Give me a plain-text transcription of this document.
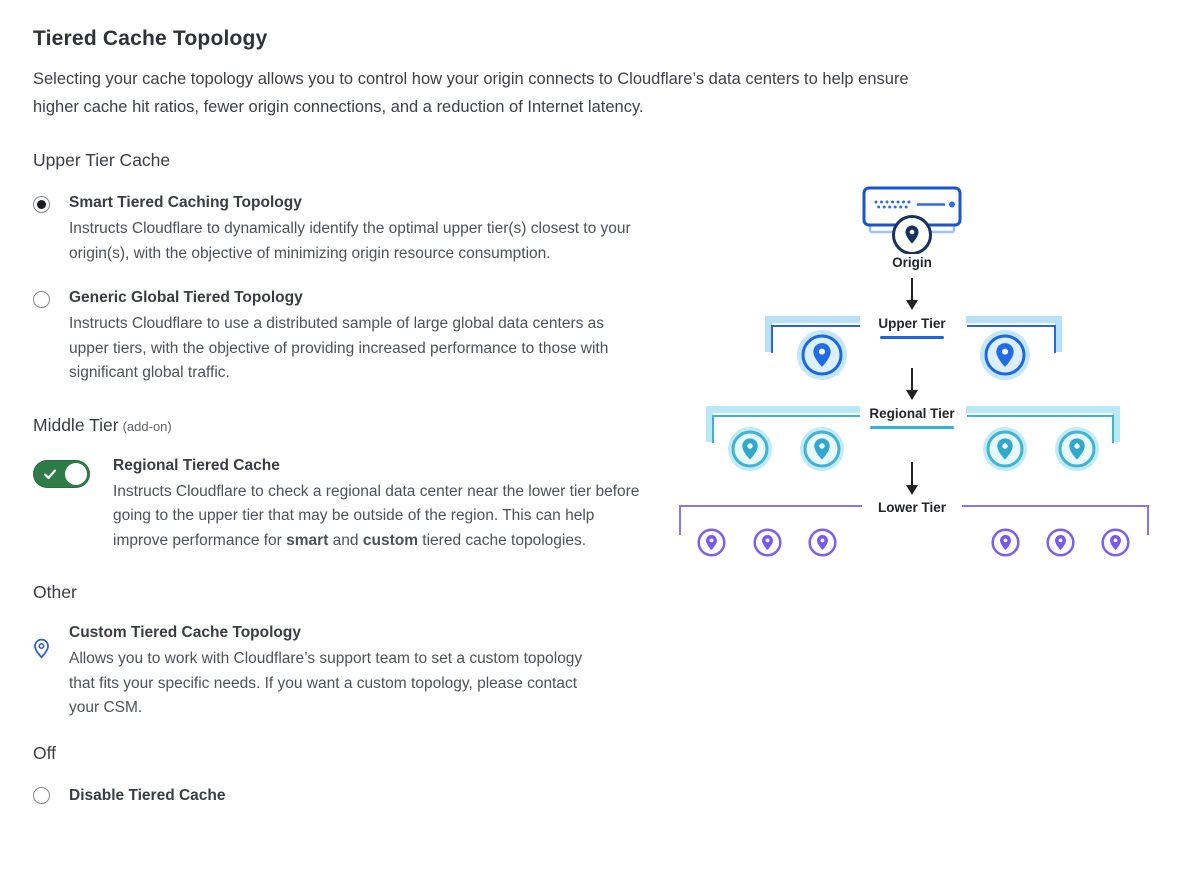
Tiered Cache Topology

Selecting your cache topology allows you to control how your origin connects to Cloudflare’s data centers to help ensure higher cache hit ratios, fewer origin connections, and a reduction of Internet latency.

Upper Tier Cache
Smart Tiered Caching Topology

Instructs Cloudflare to dynamically identify the optimal upper tier(s) closest to your origin(s), with the objective of minimizing origin resource consumption.

Generic Global Tiered Topology

Instructs Cloudflare to use a distributed sample of large global data centers as upper tiers, with the objective of providing increased performance to those with significant global traffic.

Middle Tier (add-on)
Regional Tiered Cache

Instructs Cloudflare to check a regional data center near the lower tier before going to the upper tier that may be outside of the region. This can help improve performance for smart and custom tiered cache topologies.

Other
Custom Tiered Cache Topology

Allows you to work with Cloudflare’s support team to set a custom topology that fits your specific needs. If you want a custom topology, please contact your CSM.

Off
Disable Tiered Cache
Origin
Upper Tier
Regional Tier
Lower Tier
